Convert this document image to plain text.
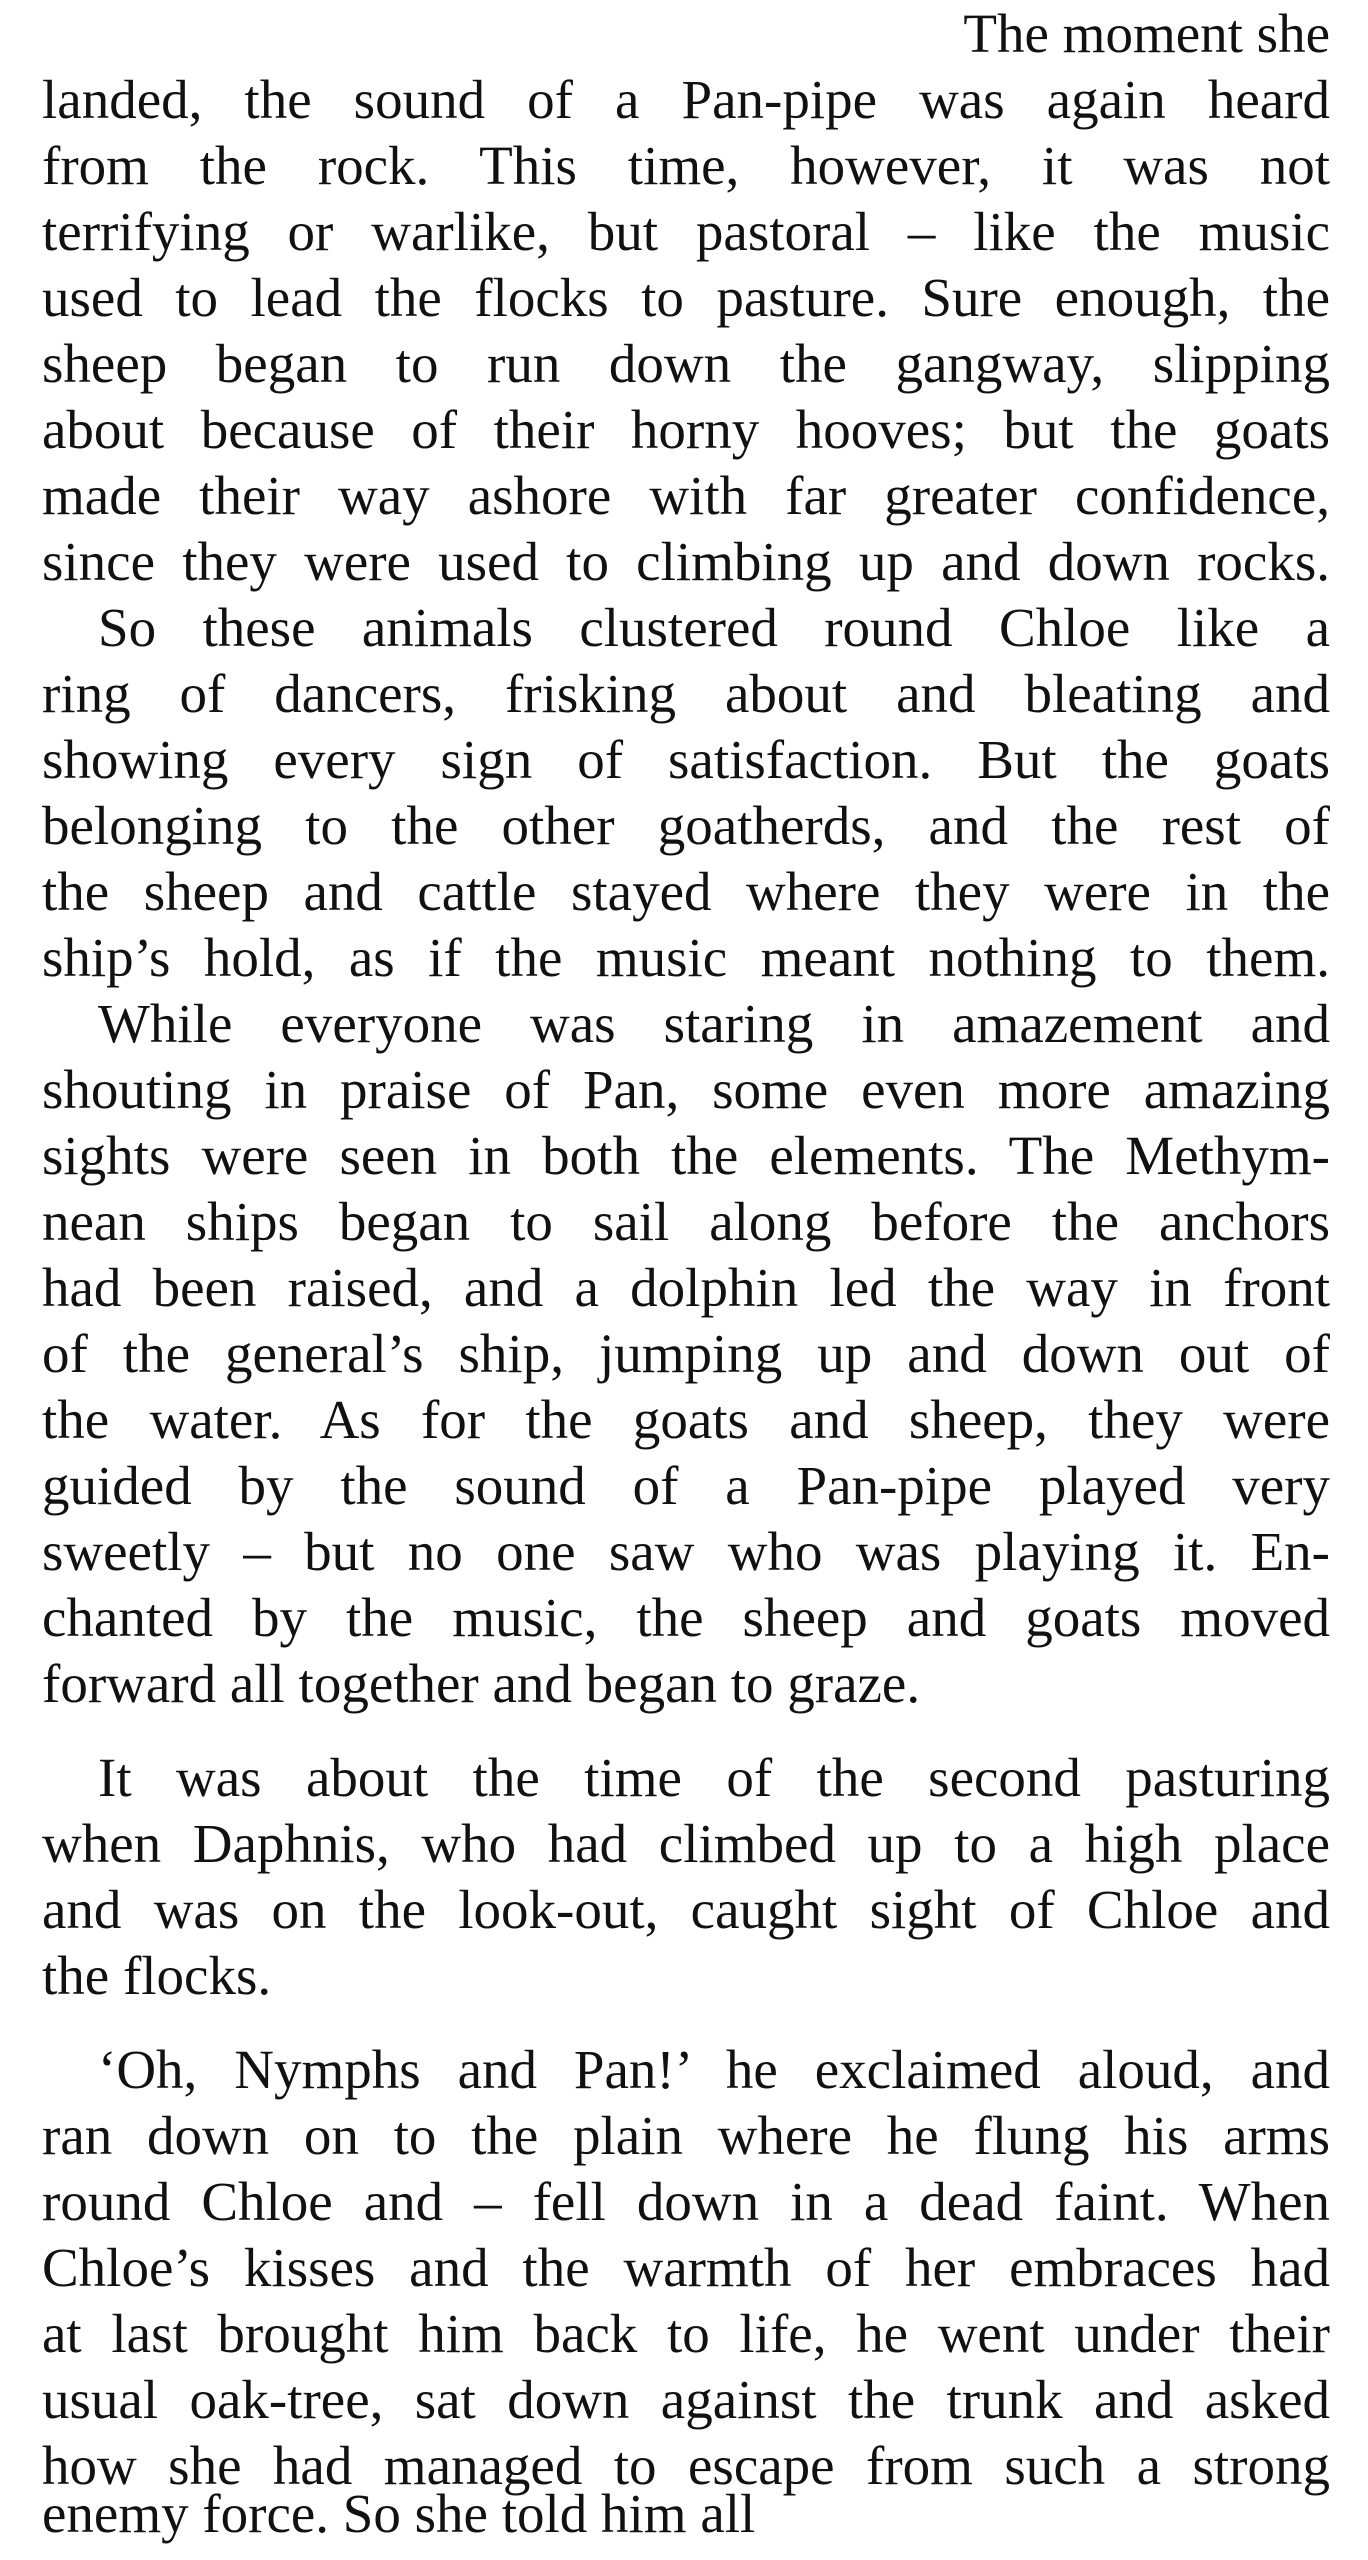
The moment she

landed, the sound of a Pan-pipe was again heard

from the rock. This time, however, it was not

terrifying or warlike, but pastoral – like the music

used to lead the flocks to pasture. Sure enough, the

sheep began to run down the gangway, slipping

about because of their horny hooves; but the goats

made their way ashore with far greater confidence,

since they were used to climbing up and down rocks.

So these animals clustered round Chloe like a

ring of dancers, frisking about and bleating and

showing every sign of satisfaction. But the goats

belonging to the other goatherds, and the rest of

the sheep and cattle stayed where they were in the

ship’s hold, as if the music meant nothing to them.

While everyone was staring in amazement and

shouting in praise of Pan, some even more amazing

sights were seen in both the elements. The Methym-

nean ships began to sail along before the anchors

had been raised, and a dolphin led the way in front

of the general’s ship, jumping up and down out of

the water. As for the goats and sheep, they were

guided by the sound of a Pan-pipe played very

sweetly – but no one saw who was playing it. En-

chanted by the music, the sheep and goats moved

forward all together and began to graze.

It was about the time of the second pasturing

when Daphnis, who had climbed up to a high place

and was on the look-out, caught sight of Chloe and

the flocks.

‘Oh, Nymphs and Pan!’ he exclaimed aloud, and

ran down on to the plain where he flung his arms

round Chloe and – fell down in a dead faint. When

Chloe’s kisses and the warmth of her embraces had

at last brought him back to life, he went under their

usual oak-tree, sat down against the trunk and asked

how she had managed to escape from such a strong

enemy force. So she told him all
